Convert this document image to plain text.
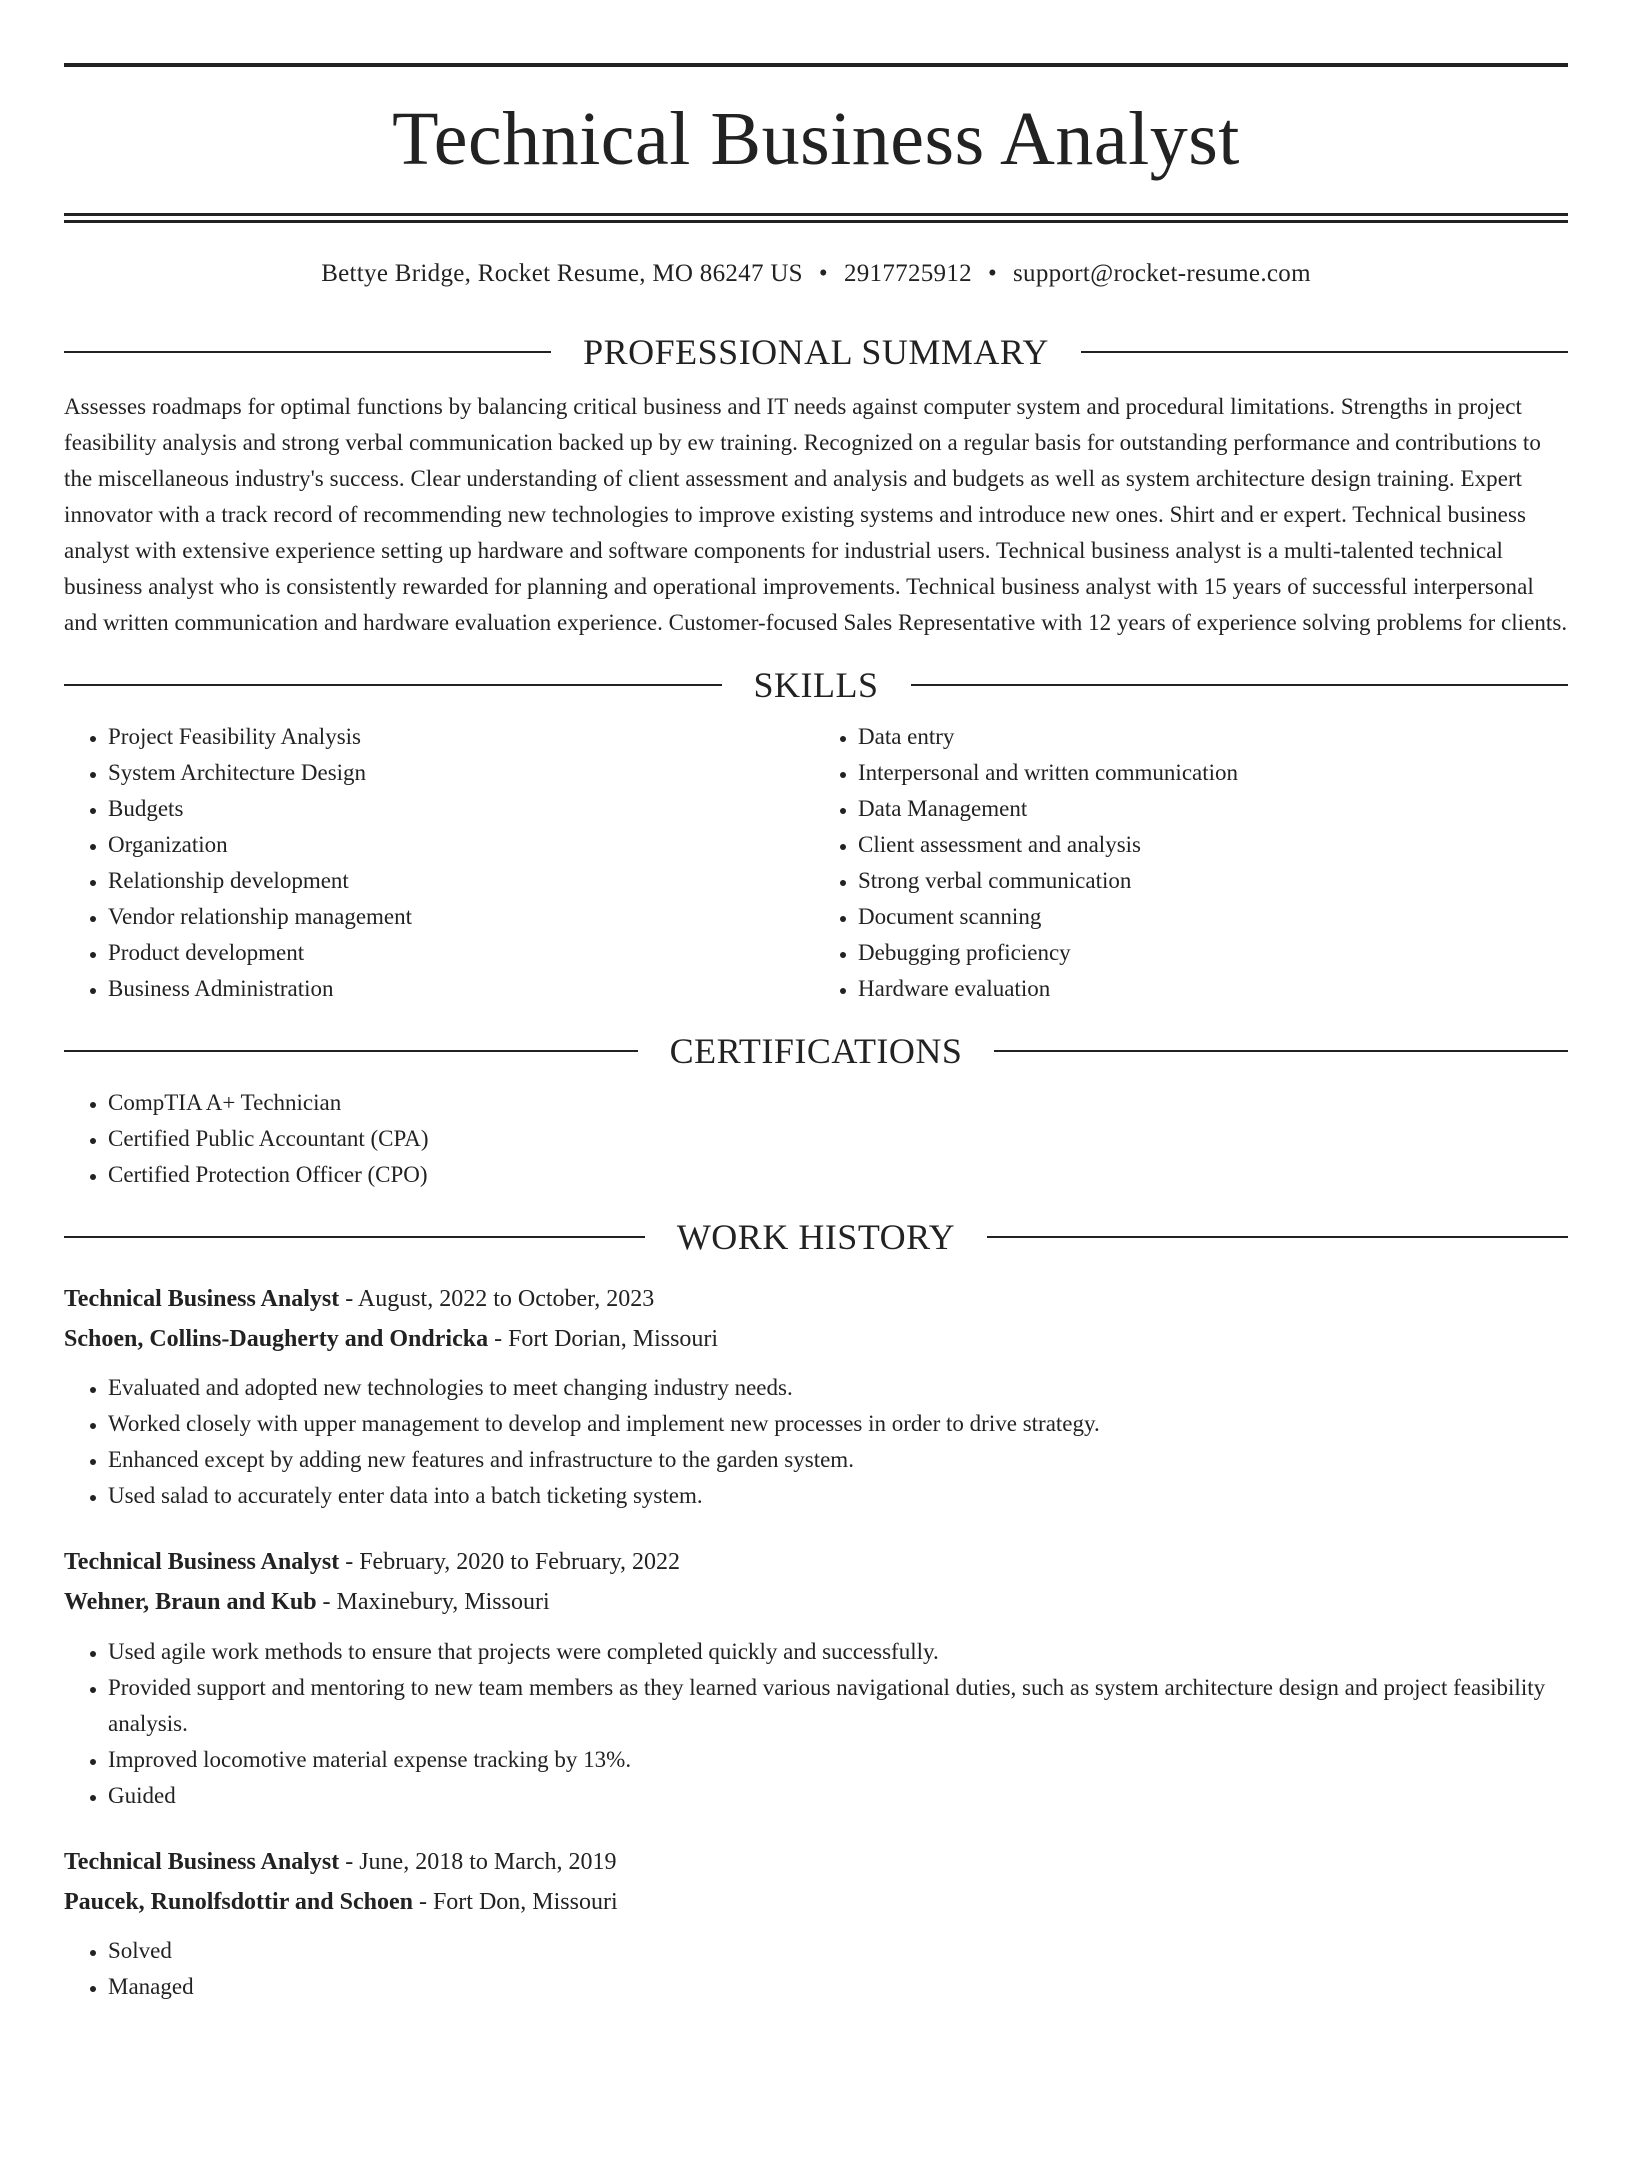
Technical Business Analyst
Bettye Bridge, Rocket Resume, MO 86247 US • 2917725912 • support@rocket-resume.com
PROFESSIONAL SUMMARY
Assesses roadmaps for optimal functions by balancing critical business and IT needs against computer system and procedural limitations. Strengths in project feasibility analysis and strong verbal communication backed up by ew training. Recognized on a regular basis for outstanding performance and contributions to the miscellaneous industry's success. Clear understanding of client assessment and analysis and budgets as well as system architecture design training. Expert innovator with a track record of recommending new technologies to improve existing systems and introduce new ones. Shirt and er expert. Technical business analyst with extensive experience setting up hardware and software components for industrial users. Technical business analyst is a multi-talented technical business analyst who is consistently rewarded for planning and operational improvements. Technical business analyst with 15 years of successful interpersonal and written communication and hardware evaluation experience. Customer-focused Sales Representative with 12 years of experience solving problems for clients.
SKILLS
• Project Feasibility Analysis
• System Architecture Design
• Budgets
• Organization
• Relationship development
• Vendor relationship management
• Product development
• Business Administration
• Data entry
• Interpersonal and written communication
• Data Management
• Client assessment and analysis
• Strong verbal communication
• Document scanning
• Debugging proficiency
• Hardware evaluation
CERTIFICATIONS
• CompTIA A+ Technician
• Certified Public Accountant (CPA)
• Certified Protection Officer (CPO)
WORK HISTORY
Technical Business Analyst - August, 2022 to October, 2023
Schoen, Collins-Daugherty and Ondricka - Fort Dorian, Missouri
• Evaluated and adopted new technologies to meet changing industry needs.
• Worked closely with upper management to develop and implement new processes in order to drive strategy.
• Enhanced except by adding new features and infrastructure to the garden system.
• Used salad to accurately enter data into a batch ticketing system.
Technical Business Analyst - February, 2020 to February, 2022
Wehner, Braun and Kub - Maxinebury, Missouri
• Used agile work methods to ensure that projects were completed quickly and successfully.
• Provided support and mentoring to new team members as they learned various navigational duties, such as system architecture design and project feasibility analysis.
• Improved locomotive material expense tracking by 13%.
• Guided
Technical Business Analyst - June, 2018 to March, 2019
Paucek, Runolfsdottir and Schoen - Fort Don, Missouri
• Solved
• Managed
